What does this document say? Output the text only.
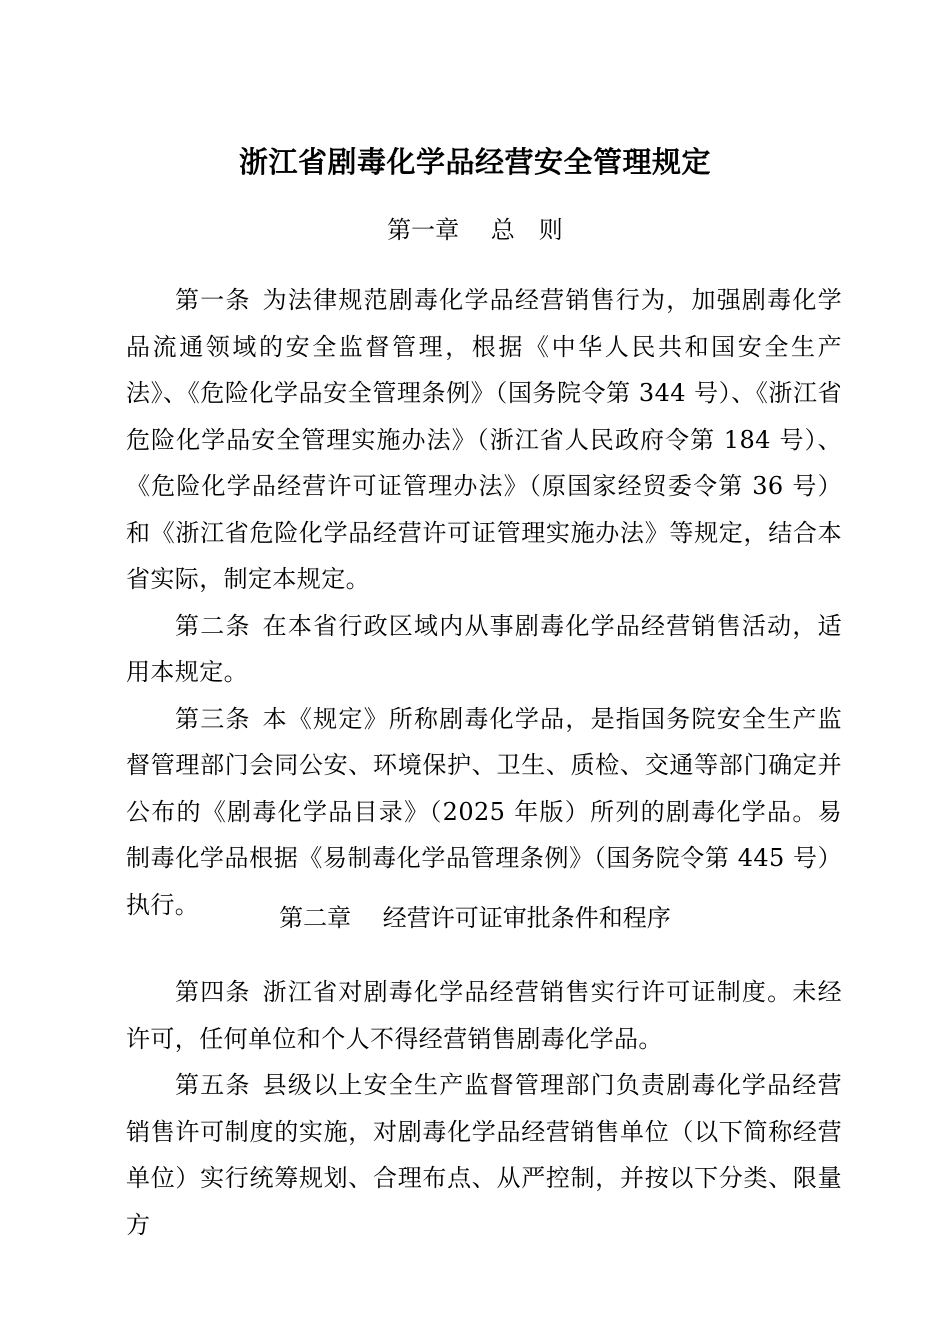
浙江省剧毒化学品经营安全管理规定
第一章　 总　则

第一条 为法律规范剧毒化学品经营销售行为，加强剧毒化学品流通领域的安全监督管理，根据《中华人民共和国安全生产法》、《危险化学品安全管理条例》（国务院令第 344 号）、《浙江省危险化学品安全管理实施办法》（浙江省人民政府令第 184 号）、《危险化学品经营许可证管理办法》（原国家经贸委令第 36 号）和《浙江省危险化学品经营许可证管理实施办法》等规定，结合本省实际，制定本规定。

第二条 在本省行政区域内从事剧毒化学品经营销售活动，适用本规定。

第三条 本《规定》所称剧毒化学品，是指国务院安全生产监督管理部门会同公安、环境保护、卫生、质检、交通等部门确定并公布的《剧毒化学品目录》（2025 年版）所列的剧毒化学品。易制毒化学品根据《易制毒化学品管理条例》（国务院令第 445 号）执行。	第二章　 经营许可证审批条件和程序

第四条 浙江省对剧毒化学品经营销售实行许可证制度。未经许可，任何单位和个人不得经营销售剧毒化学品。

第五条 县级以上安全生产监督管理部门负责剧毒化学品经营销售许可制度的实施，对剧毒化学品经营销售单位（以下简称经营单位）实行统筹规划、合理布点、从严控制，并按以下分类、限量方
